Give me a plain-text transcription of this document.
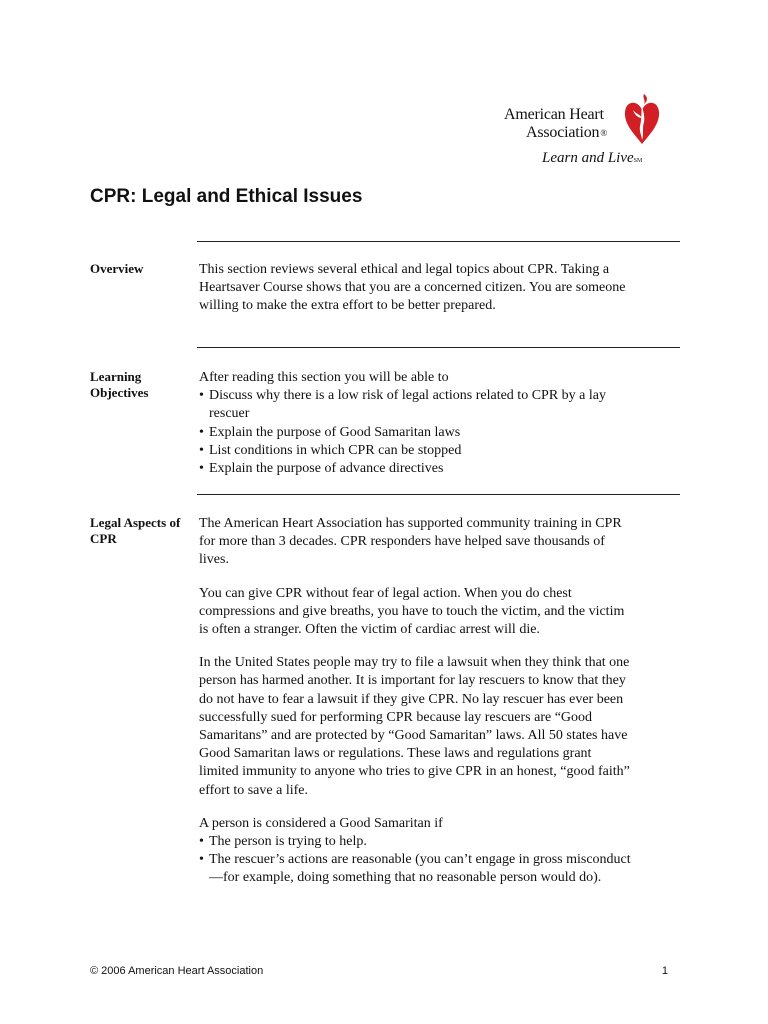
American Heart
Association®
Learn and LiveSM
CPR: Legal and Ethical Issues
Overview	This section reviews several ethical and legal topics about CPR. Taking a Heartsaver Course shows that you are a concerned citizen. You are someone willing to make the extra effort to be better prepared.

Learning Objectives
After reading this section you will be able to
• Discuss why there is a low risk of legal actions related to CPR by a lay rescuer
• Explain the purpose of Good Samaritan laws
• List conditions in which CPR can be stopped
• Explain the purpose of advance directives
Legal Aspects of CPR

The American Heart Association has supported community training in CPR for more than 3 decades. CPR responders have helped save thousands of lives.

You can give CPR without fear of legal action. When you do chest compressions and give breaths, you have to touch the victim, and the victim is often a stranger. Often the victim of cardiac arrest will die.

In the United States people may try to file a lawsuit when they think that one person has harmed another. It is important for lay rescuers to know that they do not have to fear a lawsuit if they give CPR. No lay rescuer has ever been successfully sued for performing CPR because lay rescuers are “Good Samaritans” and are protected by “Good Samaritan” laws. All 50 states have Good Samaritan laws or regulations. These laws and regulations grant limited immunity to anyone who tries to give CPR in an honest, “good faith” effort to save a life.

A person is considered a Good Samaritan if
• The person is trying to help.
• The rescuer’s actions are reasonable (you can’t engage in gross misconduct—for example, doing something that no reasonable person would do).
© 2006 American Heart Association	1
